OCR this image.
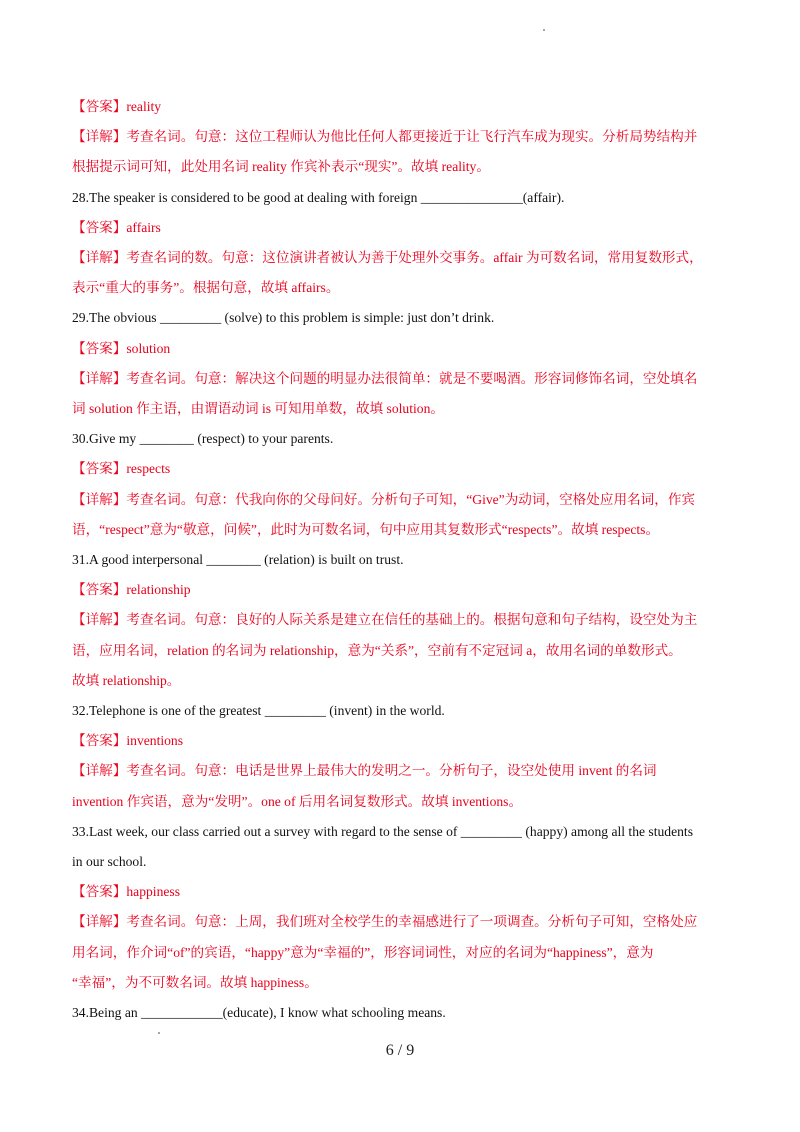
【答案】reality
【详解】考查名词。句意：这位工程师认为他比任何人都更接近于让飞行汽车成为现实。分析局势结构并
根据提示词可知，此处用名词 reality 作宾补表示“现实”。故填 reality。
28.The speaker is considered to be good at dealing with foreign _______________(affair).
【答案】affairs
【详解】考查名词的数。句意：这位演讲者被认为善于处理外交事务。affair 为可数名词，常用复数形式，
表示“重大的事务”。根据句意，故填 affairs。
29.The obvious _________ (solve) to this problem is simple: just don’t drink.
【答案】solution
【详解】考查名词。句意：解决这个问题的明显办法很简单：就是不要喝酒。形容词修饰名词，空处填名
词 solution 作主语，由谓语动词 is 可知用单数，故填 solution。
30.Give my ________ (respect) to your parents.
【答案】respects
【详解】考查名词。句意：代我向你的父母问好。分析句子可知，“Give”为动词，空格处应用名词，作宾
语，“respect”意为“敬意，问候”，此时为可数名词，句中应用其复数形式“respects”。故填 respects。
31.A good interpersonal ________ (relation) is built on trust.
【答案】relationship
【详解】考查名词。句意：良好的人际关系是建立在信任的基础上的。根据句意和句子结构，设空处为主
语，应用名词，relation 的名词为 relationship，意为“关系”，空前有不定冠词 a，故用名词的单数形式。
故填 relationship。
32.Telephone is one of the greatest _________ (invent) in the world.
【答案】inventions
【详解】考查名词。句意：电话是世界上最伟大的发明之一。分析句子，设空处使用 invent 的名词
invention 作宾语，意为“发明”。one of 后用名词复数形式。故填 inventions。
33.Last week, our class carried out a survey with regard to the sense of _________ (happy) among all the students
in our school.
【答案】happiness
【详解】考查名词。句意：上周，我们班对全校学生的幸福感进行了一项调查。分析句子可知，空格处应
用名词，作介词“of”的宾语，“happy”意为“幸福的”，形容词词性，对应的名词为“happiness”，意为
“幸福”，为不可数名词。故填 happiness。
34.Being an ____________(educate), I know what schooling means.
6 / 9
